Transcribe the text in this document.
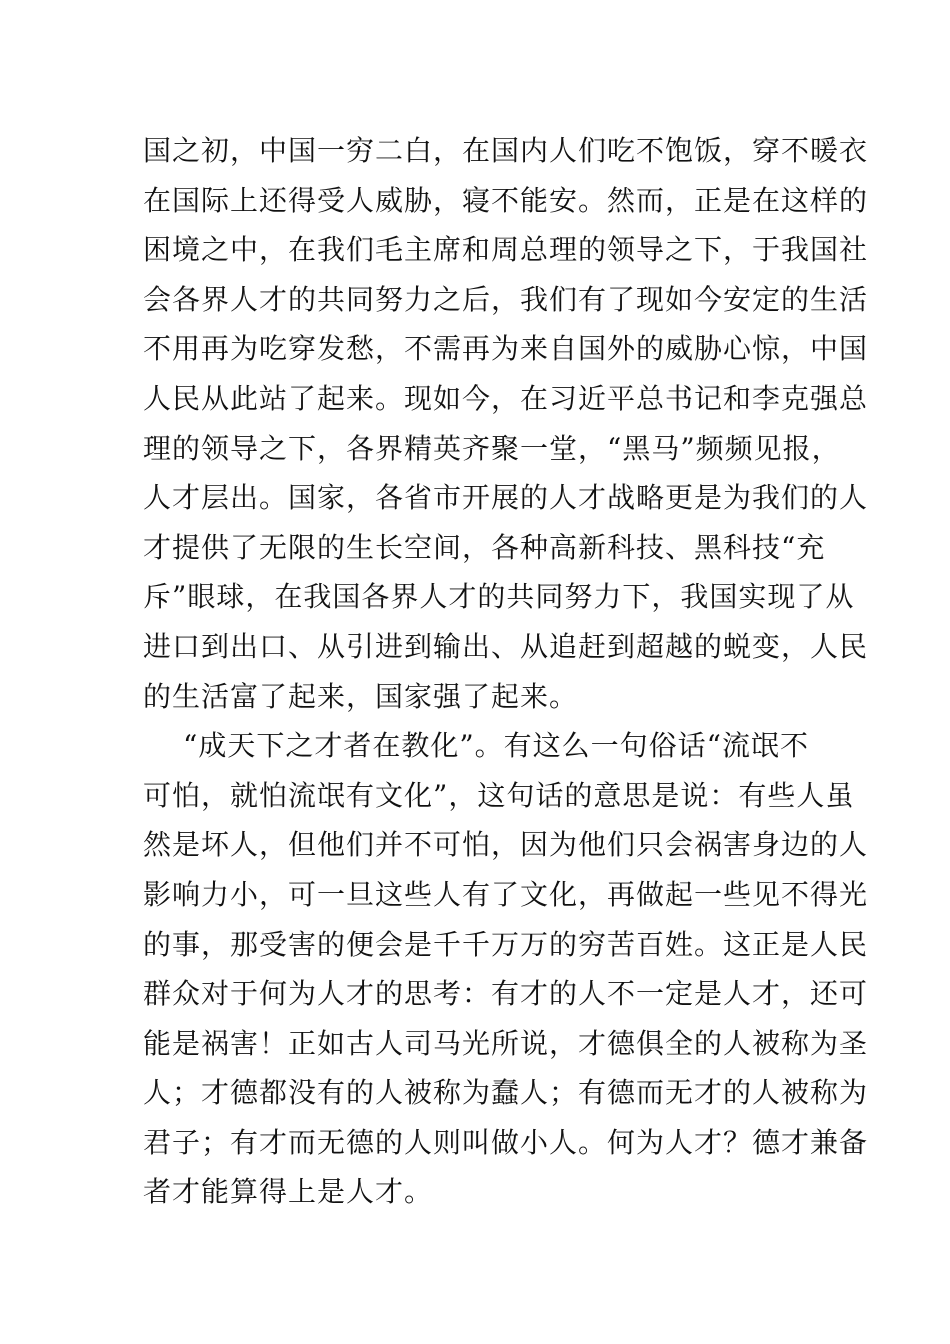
国之初，中国一穷二白，在国内人们吃不饱饭，穿不暖衣
在国际上还得受人威胁，寝不能安。然而，正是在这样的
困境之中，在我们毛主席和周总理的领导之下，于我国社
会各界人才的共同努力之后，我们有了现如今安定的生活
不用再为吃穿发愁，不需再为来自国外的威胁心惊，中国
人民从此站了起来。现如今，在习近平总书记和李克强总
理的领导之下，各界精英齐聚一堂，“黑马”频频见报，
人才层出。国家，各省市开展的人才战略更是为我们的人
才提供了无限的生长空间，各种高新科技、黑科技“充
斥”眼球，在我国各界人才的共同努力下，我国实现了从
进口到出口、从引进到输出、从追赶到超越的蜕变，人民
的生活富了起来，国家强了起来。
“成天下之才者在教化”。有这么一句俗话“流氓不
可怕，就怕流氓有文化”，这句话的意思是说：有些人虽
然是坏人，但他们并不可怕，因为他们只会祸害身边的人
影响力小，可一旦这些人有了文化，再做起一些见不得光
的事，那受害的便会是千千万万的穷苦百姓。这正是人民
群众对于何为人才的思考：有才的人不一定是人才，还可
能是祸害！正如古人司马光所说，才德俱全的人被称为圣
人；才德都没有的人被称为蠢人；有德而无才的人被称为
君子；有才而无德的人则叫做小人。何为人才？德才兼备
者才能算得上是人才。
